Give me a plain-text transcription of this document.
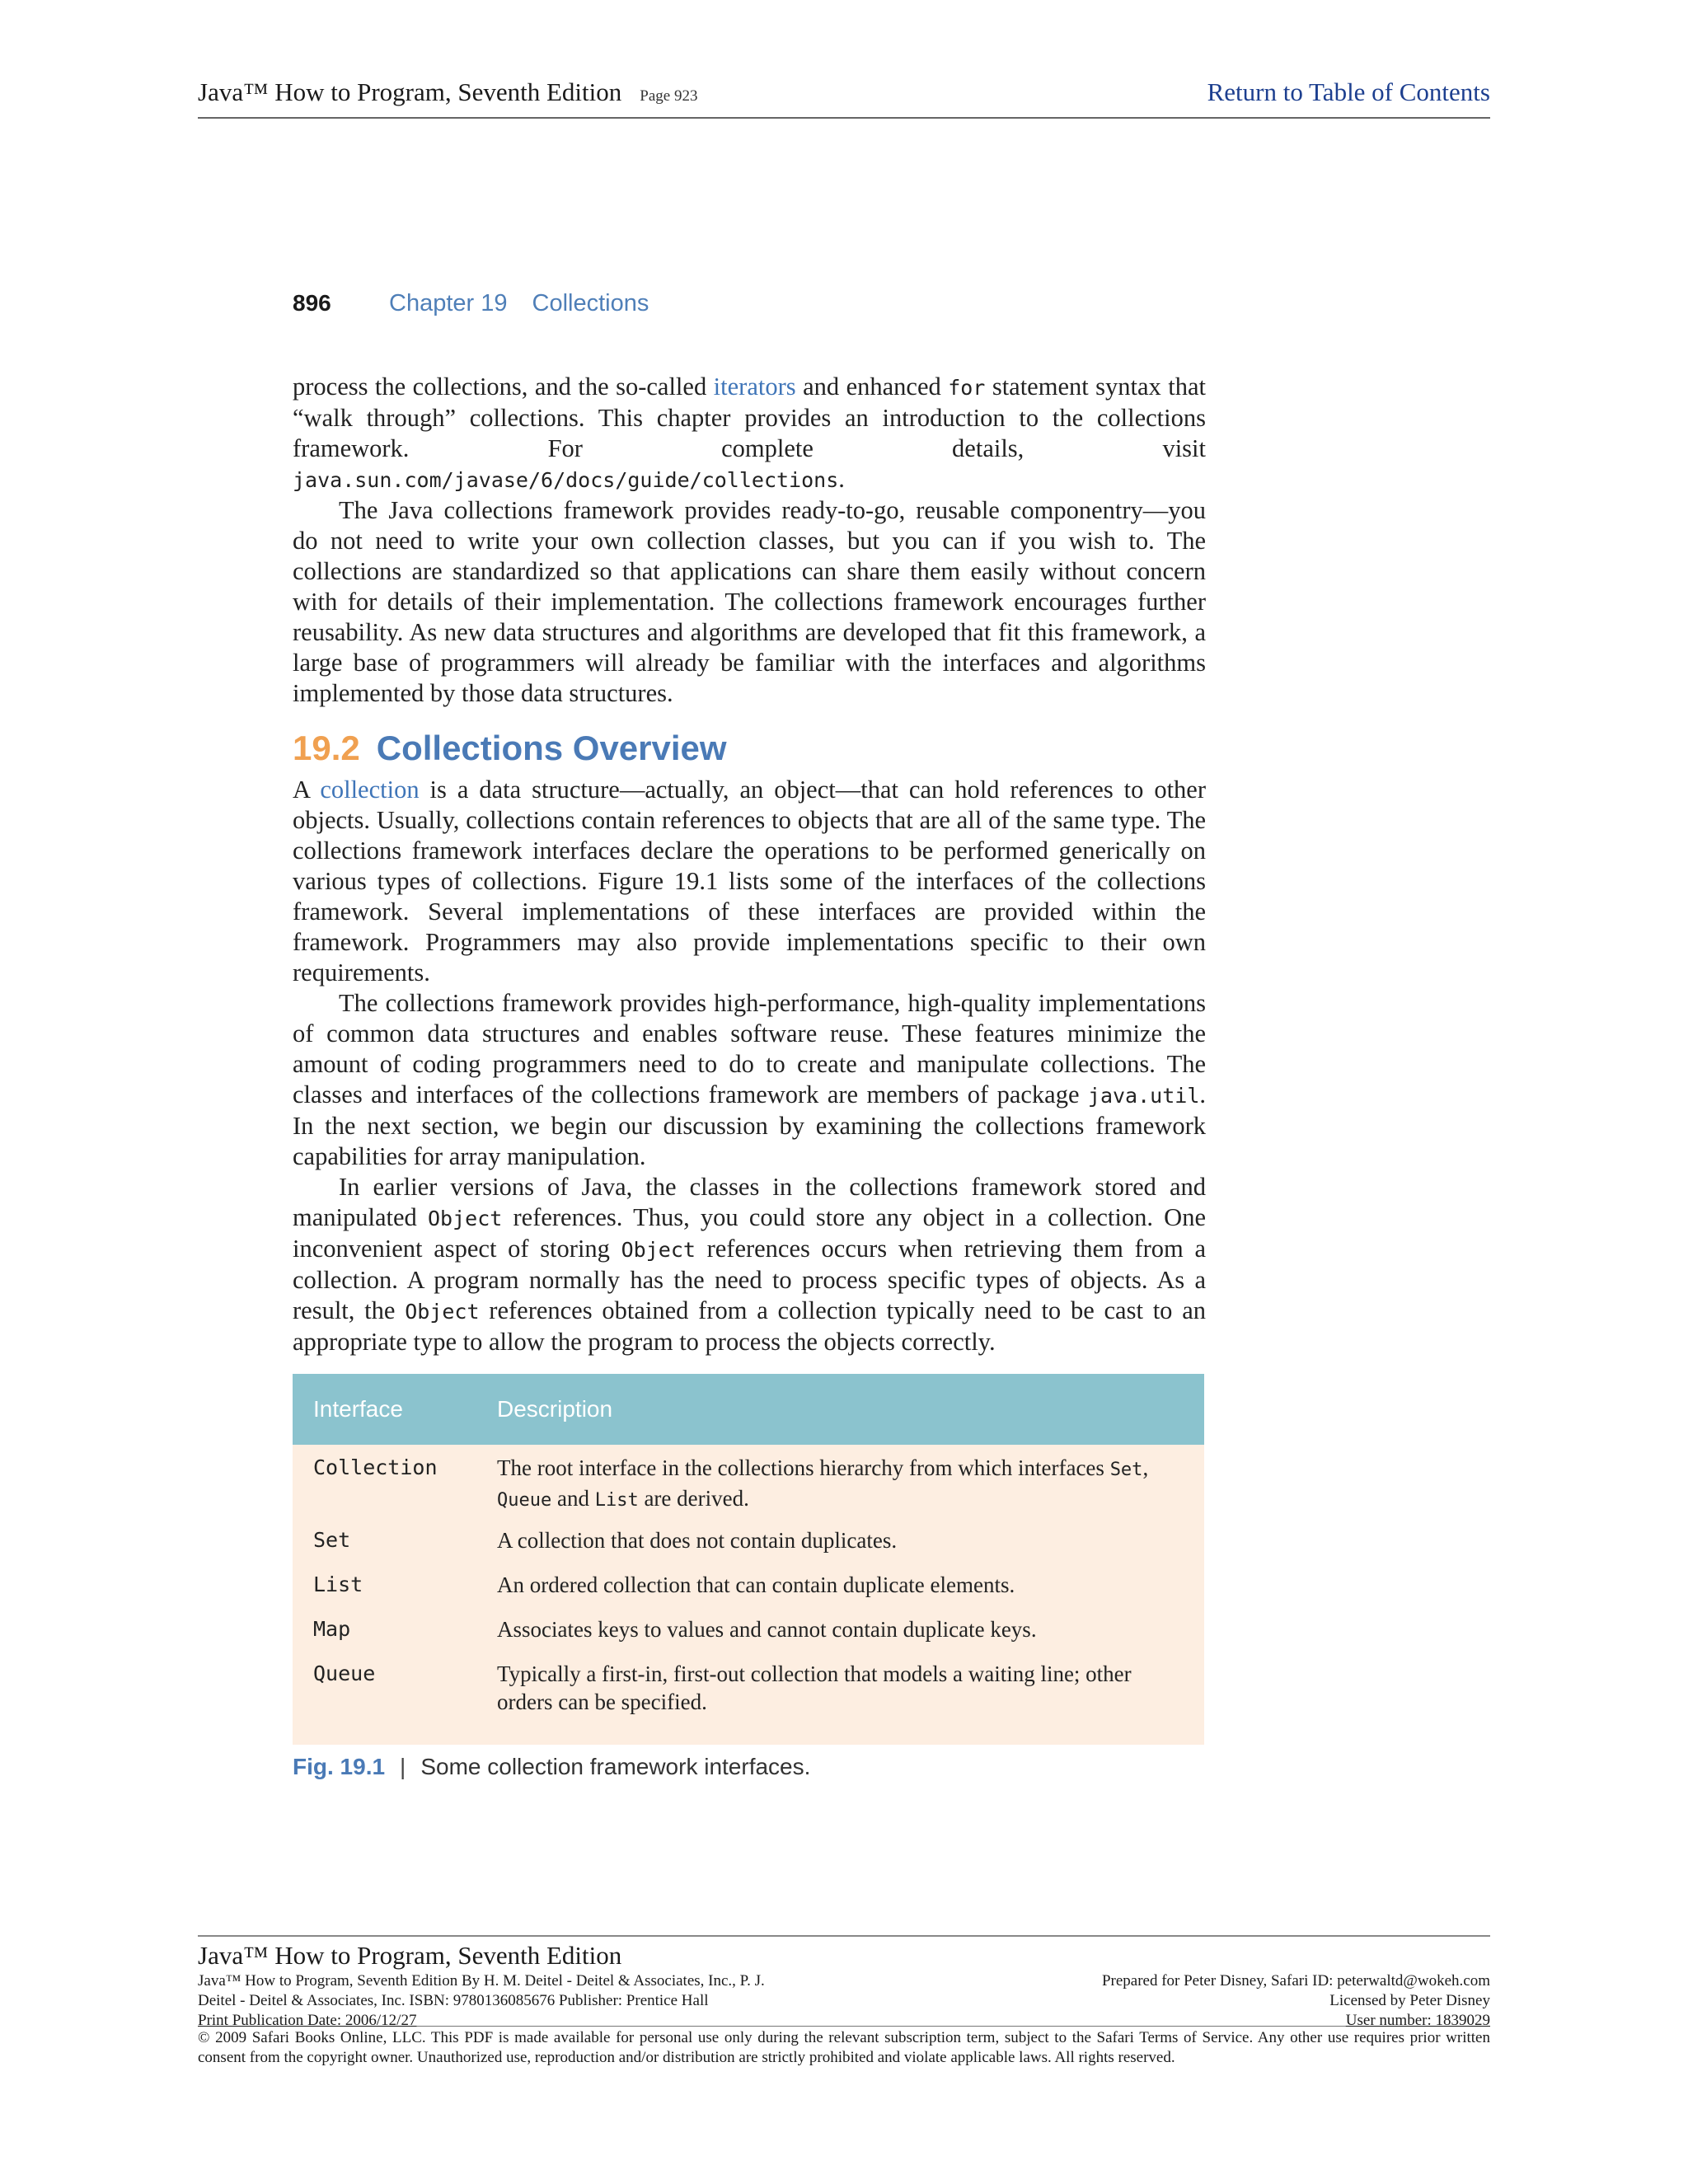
Java™ How to Program, Seventh Edition Page 923	Return to Table of Contents
896 Chapter 19 Collections

process the collections, and the so-called iterators and enhanced for statement syntax that “walk through” collections. This chapter provides an introduction to the collections framework. For complete details, visit java.sun.com/javase/6/docs/guide/collections.

The Java collections framework provides ready-to-go, reusable componentry—you do not need to write your own collection classes, but you can if you wish to. The collections are standardized so that applications can share them easily without concern with for details of their implementation. The collections framework encourages further reusability. As new data structures and algorithms are developed that fit this framework, a large base of programmers will already be familiar with the interfaces and algorithms implemented by those data structures.

19.2 Collections Overview

A collection is a data structure—actually, an object—that can hold references to other objects. Usually, collections contain references to objects that are all of the same type. The collections framework interfaces declare the operations to be performed generically on various types of collections. Figure 19.1 lists some of the interfaces of the collections framework. Several implementations of these interfaces are provided within the framework. Programmers may also provide implementations specific to their own requirements.

The collections framework provides high-performance, high-quality implementations of common data structures and enables software reuse. These features minimize the amount of coding programmers need to do to create and manipulate collections. The classes and interfaces of the collections framework are members of package java.util. In the next section, we begin our discussion by examining the collections framework capabilities for array manipulation.

In earlier versions of Java, the classes in the collections framework stored and manipulated Object references. Thus, you could store any object in a collection. One inconvenient aspect of storing Object references occurs when retrieving them from a collection. A program normally has the need to process specific types of objects. As a result, the Object references obtained from a collection typically need to be cast to an appropriate type to allow the program to process the objects correctly.

Interface	Description
Collection	The root interface in the collections hierarchy from which interfaces Set, Queue and List are derived.
Set	A collection that does not contain duplicates.
List	An ordered collection that can contain duplicate elements.
Map	Associates keys to values and cannot contain duplicate keys.
Queue	Typically a first-in, first-out collection that models a waiting line; other orders can be specified.
Fig. 19.1 | Some collection framework interfaces.
Java™ How to Program, Seventh Edition
Java™ How to Program, Seventh Edition By H. M. Deitel - Deitel & Associates, Inc., P. J.
Deitel - Deitel & Associates, Inc. ISBN: 9780136085676 Publisher: Prentice Hall
Print Publication Date: 2006/12/27
Prepared for Peter Disney, Safari ID: peterwaltd@wokeh.com
Licensed by Peter Disney
User number: 1839029
© 2009 Safari Books Online, LLC. This PDF is made available for personal use only during the relevant subscription term, subject to the Safari Terms of Service. Any other use requires prior written consent from the copyright owner. Unauthorized use, reproduction and/or distribution are strictly prohibited and violate applicable laws. All rights reserved.
